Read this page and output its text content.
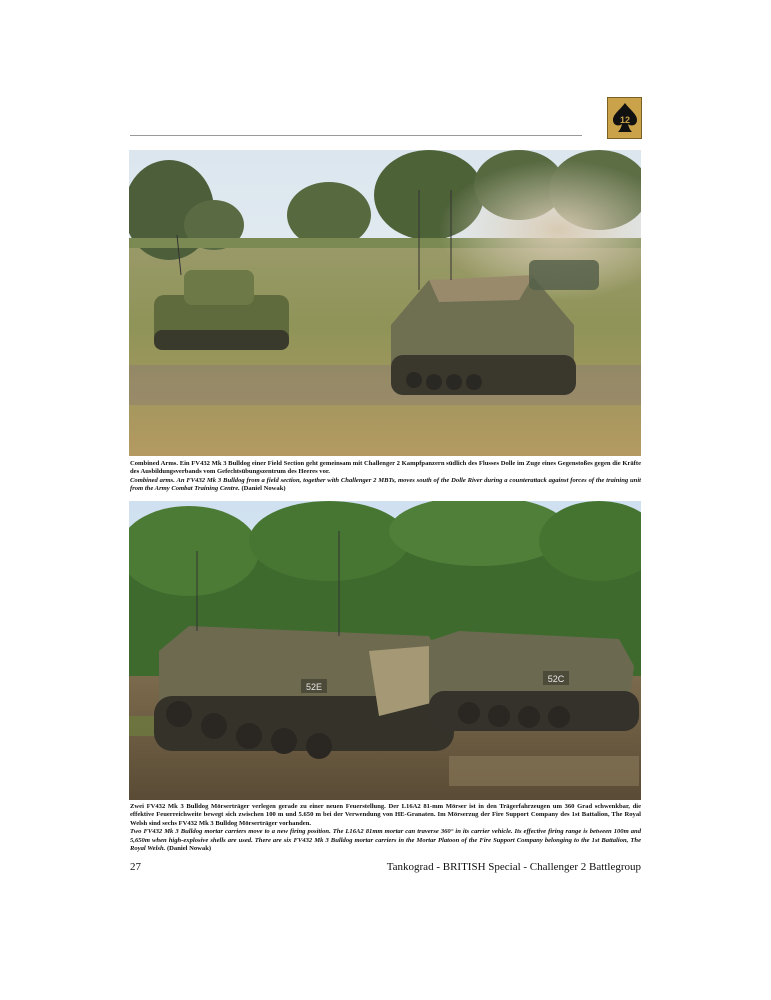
12
Combined Arms. Ein FV432 Mk 3 Bulldog einer Field Section geht gemeinsam mit Challenger 2 Kampfpanzern südlich des Flusses Dolle im Zuge eines Gegenstoßes gegen die Kräfte des Ausbildungsverbands vom Gefechtsübungszentrum des Heeres vor.
Combined arms. An FV432 Mk 3 Bulldog from a field section, together with Challenger 2 MBTs, moves south of the Dolle River during a counterattack against forces of the training unit from the Army Combat Training Centre. (Daniel Nowak)
52E
52C
Zwei FV432 Mk 3 Bulldog Mörserträger verlegen gerade zu einer neuen Feuerstellung. Der L16A2 81-mm Mörser ist in den Trägerfahrzeugen um 360 Grad schwenkbar, die effektive Feuerreichweite bewegt sich zwischen 100 m und 5.650 m bei der Verwendung von HE-Granaten. Im Mörserzug der Fire Support Company des 1st Battalion, The Royal Welsh sind sechs FV432 Mk 3 Bulldog Mörserträger vorhanden.
Two FV432 Mk 3 Bulldog mortar carriers move to a new firing position. The L16A2 81mm mortar can traverse 360° in its carrier vehicle. Its effective firing range is between 100m and 5,650m when high-explosive shells are used. There are six FV432 Mk 3 Bulldog mortar carriers in the Mortar Platoon of the Fire Support Company belonging to the 1st Battalion, The Royal Welsh. (Daniel Nowak)
27	Tankograd - BRITISH Special - Challenger 2 Battlegroup
